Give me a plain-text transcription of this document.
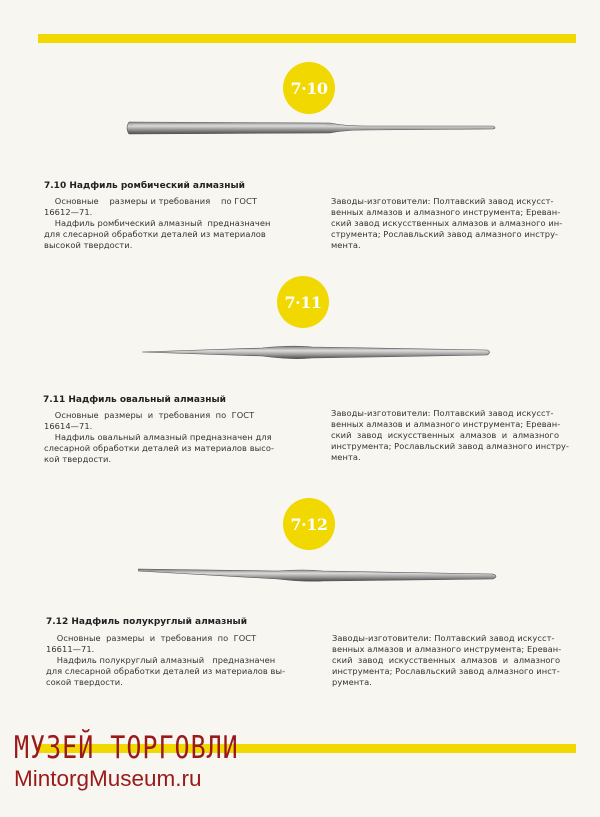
7·10
7.10 Надфиль ромбический алмазный
Основные    размеры и требования    по ГОСТ
16612—71.
Надфиль ромбический алмазный  предназначен
для слесарной обработки деталей из материалов
высокой твердости.
Заводы-изготовители: Полтавский завод искусст-
венных алмазов и алмазного инструмента; Ереван-
ский завод искусственных алмазов и алмазного ин-
струмента; Рославльский завод алмазного инстру-
мента.
7·11
7.11 Надфиль овальный алмазный
Основные  размеры  и  требования  по  ГОСТ
16614—71.
Надфиль овальный алмазный предназначен для
слесарной обработки деталей из материалов высо-
кой твердости.
Заводы-изготовители: Полтавский завод искусст-
венных алмазов и алмазного инструмента; Ереван-
ский  завод  искусственных  алмазов  и  алмазного
инструмента; Рославльский завод алмазного инстру-
мента.
7·12
7.12 Надфиль полукруглый алмазный
Основные  размеры  и  требования  по  ГОСТ
16611—71.
Надфиль полукруглый алмазный   предназначен
для слесарной обработки деталей из материалов вы-
сокой твердости.
Заводы-изготовители: Полтавский завод искусст-
венных алмазов и алмазного инструмента; Ереван-
ский  завод  искусственных  алмазов  и  алмазного
инструмента; Рославльский завод алмазного инст-
румента.
МУЗЕЙ ТОРГОВЛИ
MintorgMuseum.ru
